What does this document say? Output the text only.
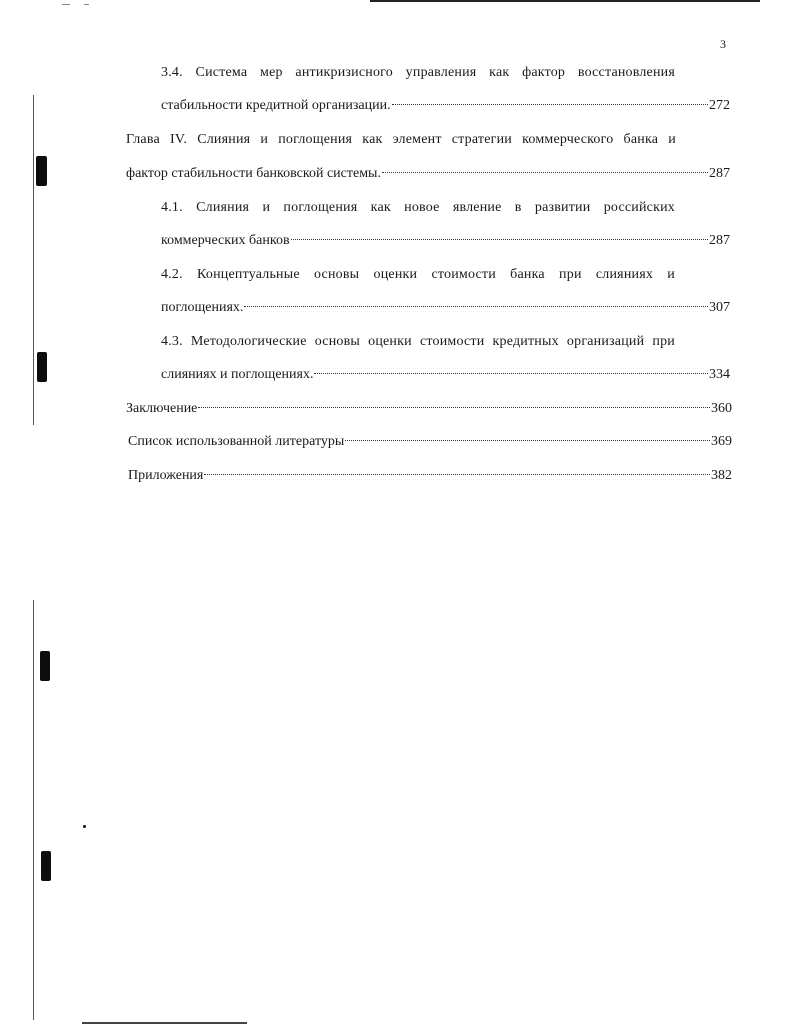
3
3.4. Система мер антикризисного управления как фактор восстановления
стабильности кредитной организации.	272
Глава IV. Слияния и поглощения как элемент стратегии коммерческого банка и
фактор стабильности банковской системы.	287
4.1. Слияния и поглощения как новое явление в развитии российских
коммерческих банков	287
4.2. Концептуальные основы оценки стоимости банка при слияниях и
поглощениях.	307
4.3. Методологические основы оценки стоимости кредитных организаций при
слияниях и поглощениях.	334
Заключение	360
Список использованной литературы	369
Приложения	382
